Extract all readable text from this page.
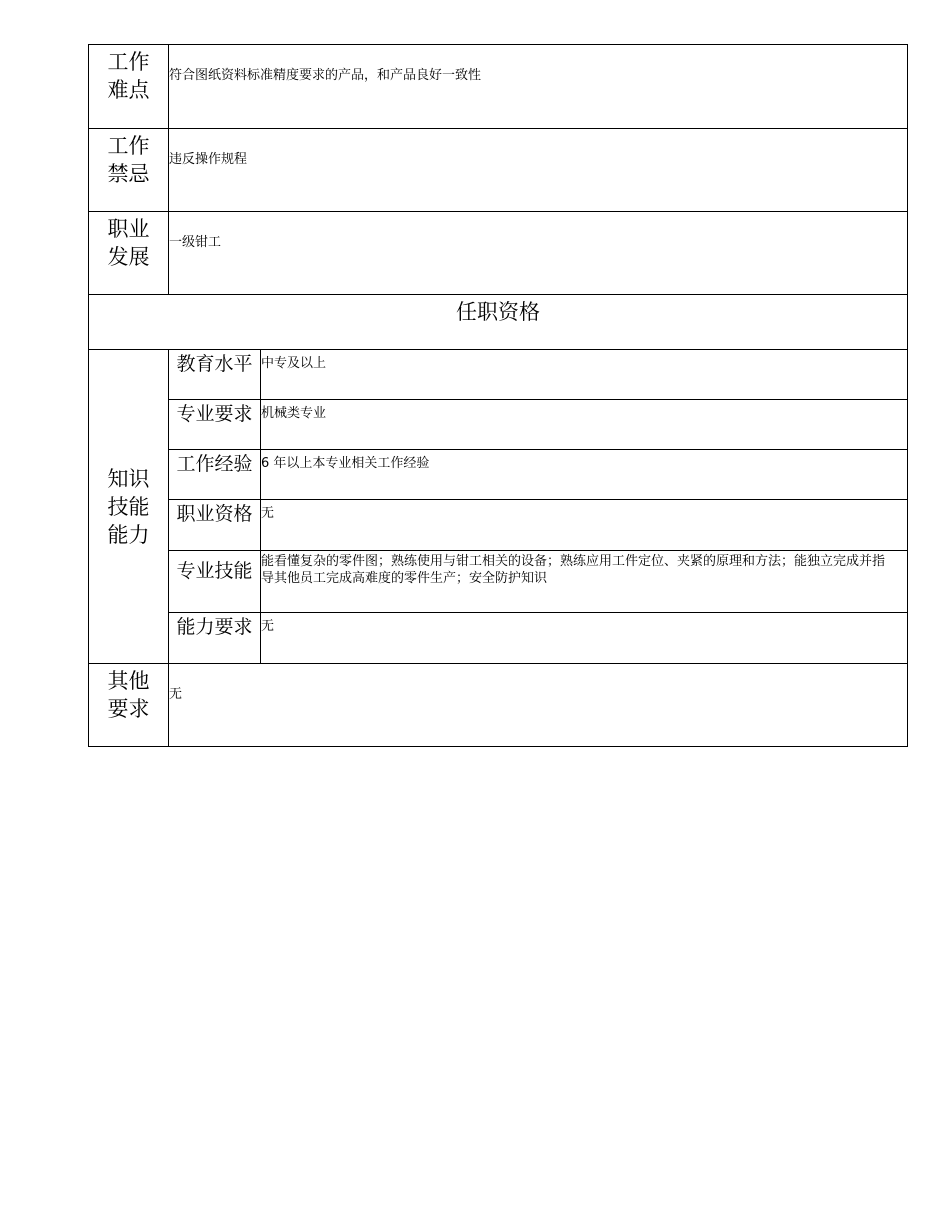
工作
难点	符合图纸资料标准精度要求的产品，和产品良好一致性	

工作
禁忌	违反操作规程	

职业
发展	一级钳工	
任职资格		

知识
技能
能力	教育水平	中专及以上
	专业要求	机械类专业
	工作经验	6 年以上本专业相关工作经验
	职业资格	无
	专业技能	能看懂复杂的零件图；熟练使用与钳工相关的设备；熟练应用工件定位、夹紧的原理和方法；能独立完成并指导其他员工完成高难度的零件生产；安全防护知识
	能力要求	无

其他
要求	无	
